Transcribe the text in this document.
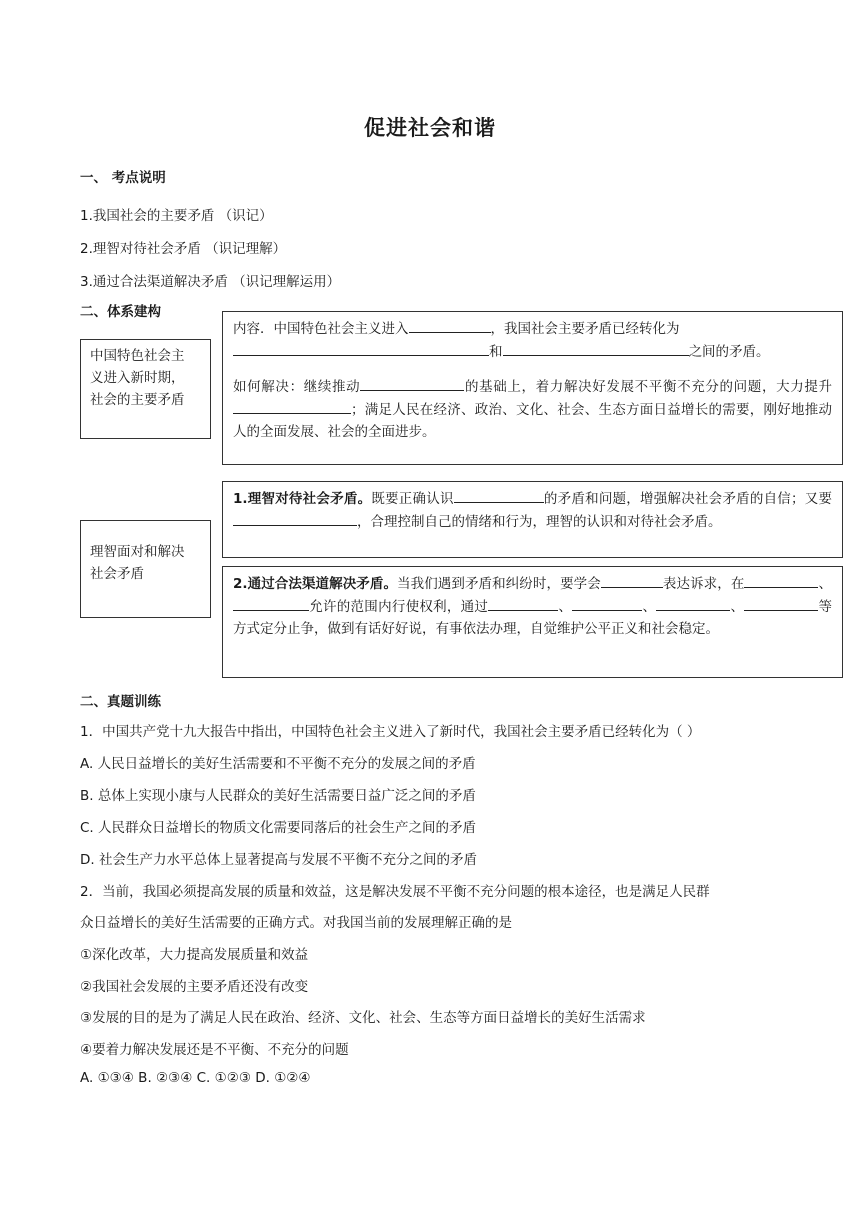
促进社会和谐
一、 考点说明
1.我国社会的主要矛盾 （识记）
2.理智对待社会矛盾 （识记理解）
3.通过合法渠道解决矛盾 （识记理解运用）
二、体系建构
中国特色社会主
义进入新时期，
社会的主要矛盾
内容．中国特色社会主义进入	，我国社会主要矛盾已经转化为
和	之间的矛盾。
如何解决：继续推动	的基础上，着力解决好发展不平衡不充分的问题，大力提升；满足人民在经济、政治、文化、社会、生态方面日益增长的需要，刚好地推动人的全面发展、社会的全面进步。
理智面对和解决
社会矛盾
1.理智对待社会矛盾。既要正确认识	的矛盾和问题，增强解决社会矛盾的自信；又要，合理控制自己的情绪和行为，理智的认识和对待社会矛盾。
2.通过合法渠道解决矛盾。当我们遇到矛盾和纠纷时，要学会	表达诉求，在	、允许的范围内行使权利，通过	、	、	、	等方式定分止争，做到有话好好说，有事依法办理，自觉维护公平正义和社会稳定。
二、真题训练
1．中国共产党十九大报告中指出，中国特色社会主义进入了新时代，我国社会主要矛盾已经转化为（ ）
A. 人民日益增长的美好生活需要和不平衡不充分的发展之间的矛盾
B. 总体上实现小康与人民群众的美好生活需要日益广泛之间的矛盾
C. 人民群众日益增长的物质文化需要同落后的社会生产之间的矛盾
D. 社会生产力水平总体上显著提高与发展不平衡不充分之间的矛盾
2．当前，我国必须提高发展的质量和效益，这是解决发展不平衡不充分问题的根本途径，也是满足人民群
众日益增长的美好生活需要的正确方式。对我国当前的发展理解正确的是
①深化改革，大力提高发展质量和效益
②我国社会发展的主要矛盾还没有改变
③发展的目的是为了满足人民在政治、经济、文化、社会、生态等方面日益增长的美好生活需求
④要着力解决发展还是不平衡、不充分的问题
A. ①③④ B. ②③④ C. ①②③ D. ①②④
